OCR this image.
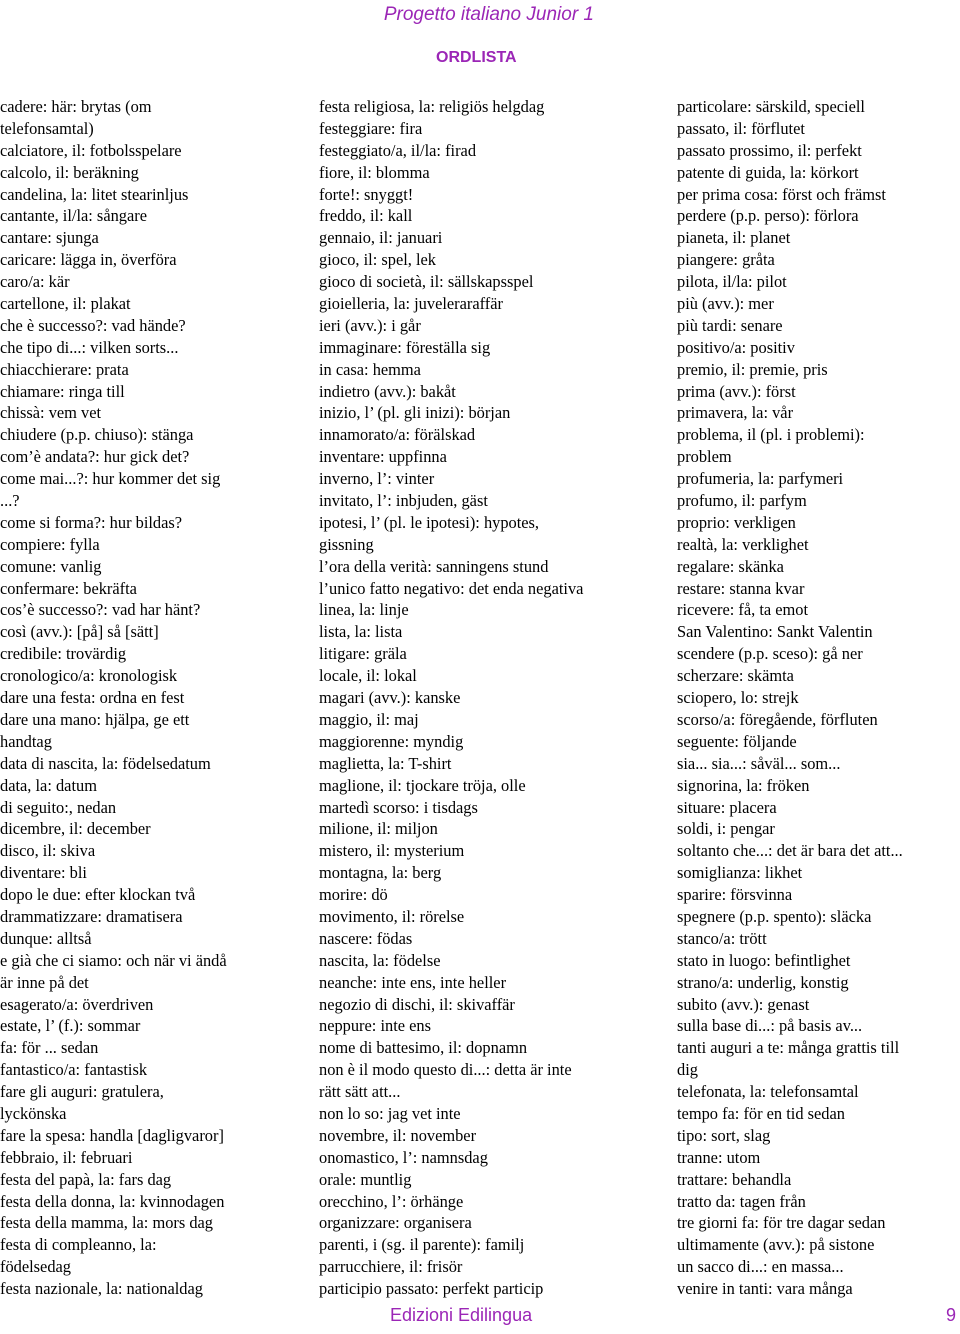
Progetto italiano Junior 1
ORDLISTA
cadere: här: brytas (om
telefonsamtal)
calciatore, il: fotbolsspelare
calcolo, il: beräkning
candelina, la: litet stearinljus
cantante, il/la: sångare
cantare: sjunga
caricare: lägga in, överföra
caro/a: kär
cartellone, il: plakat
che è successo?: vad hände?
che tipo di...: vilken sorts...
chiacchierare: prata
chiamare: ringa till
chissà: vem vet
chiudere (p.p. chiuso): stänga
com’è andata?: hur gick det?
come mai...?: hur kommer det sig
...?
come si forma?: hur bildas?
compiere: fylla
comune: vanlig
confermare: bekräfta
cos’è successo?: vad har hänt?
così (avv.): [på] så [sätt]
credibile: trovärdig
cronologico/a: kronologisk
dare una festa: ordna en fest
dare una mano: hjälpa, ge ett
handtag
data di nascita, la: födelsedatum
data, la: datum
di seguito:, nedan
dicembre, il: december
disco, il: skiva
diventare: bli
dopo le due: efter klockan två
drammatizzare: dramatisera
dunque: alltså
e già che ci siamo: och när vi ändå
är inne på det
esagerato/a: överdriven
estate, l’ (f.): sommar
fa: för ... sedan
fantastico/a: fantastisk
fare gli auguri: gratulera,
lyckönska
fare la spesa: handla [dagligvaror]
febbraio, il: februari
festa del papà, la: fars dag
festa della donna, la: kvinnodagen
festa della mamma, la: mors dag
festa di compleanno, la:
födelsedag
festa nazionale, la: nationaldag
festa religiosa, la: religiös helgdag
festeggiare: fira
festeggiato/a, il/la: firad
fiore, il: blomma
forte!: snyggt!
freddo, il: kall
gennaio, il: januari
gioco, il: spel, lek
gioco di società, il: sällskapsspel
gioielleria, la: juveleraraffär
ieri (avv.): i går
immaginare: föreställa sig
in casa: hemma
indietro (avv.): bakåt
inizio, l’ (pl. gli inizi): början
innamorato/a: förälskad
inventare: uppfinna
inverno, l’: vinter
invitato, l’: inbjuden, gäst
ipotesi, l’ (pl. le ipotesi): hypotes,
gissning
l’ora della verità: sanningens stund
l’unico fatto negativo: det enda negativa
linea, la: linje
lista, la: lista
litigare: gräla
locale, il: lokal
magari (avv.): kanske
maggio, il: maj
maggiorenne: myndig
maglietta, la: T-shirt
maglione, il: tjockare tröja, olle
martedì scorso: i tisdags
milione, il: miljon
mistero, il: mysterium
montagna, la: berg
morire: dö
movimento, il: rörelse
nascere: födas
nascita, la: födelse
neanche: inte ens, inte heller
negozio di dischi, il: skivaffär
neppure: inte ens
nome di battesimo, il: dopnamn
non è il modo questo di...: detta är inte
rätt sätt att...
non lo so: jag vet inte
novembre, il: november
onomastico, l’: namnsdag
orale: muntlig
orecchino, l’: örhänge
organizzare: organisera
parenti, i (sg. il parente): familj
parrucchiere, il: frisör
participio passato: perfekt particip
particolare: särskild, speciell
passato, il: förflutet
passato prossimo, il: perfekt
patente di guida, la: körkort
per prima cosa: först och främst
perdere (p.p. perso): förlora
pianeta, il: planet
piangere: gråta
pilota, il/la: pilot
più (avv.): mer
più tardi: senare
positivo/a: positiv
premio, il: premie, pris
prima (avv.): först
primavera, la: vår
problema, il (pl. i problemi):
problem
profumeria, la: parfymeri
profumo, il: parfym
proprio: verkligen
realtà, la: verklighet
regalare: skänka
restare: stanna kvar
ricevere: få, ta emot
San Valentino: Sankt Valentin
scendere (p.p. sceso): gå ner
scherzare: skämta
sciopero, lo: strejk
scorso/a: föregående, förfluten
seguente: följande
sia... sia...: såväl... som...
signorina, la: fröken
situare: placera
soldi, i: pengar
soltanto che...: det är bara det att...
somiglianza: likhet
sparire: försvinna
spegnere (p.p. spento): släcka
stanco/a: trött
stato in luogo: befintlighet
strano/a: underlig, konstig
subito (avv.): genast
sulla base di...: på basis av...
tanti auguri a te: många grattis till
dig
telefonata, la: telefonsamtal
tempo fa: för en tid sedan
tipo: sort, slag
tranne: utom
trattare: behandla
tratto da: tagen från
tre giorni fa: för tre dagar sedan
ultimamente (avv.): på sistone
un sacco di...: en massa...
venire in tanti: vara många
Edizioni Edilingua	9
